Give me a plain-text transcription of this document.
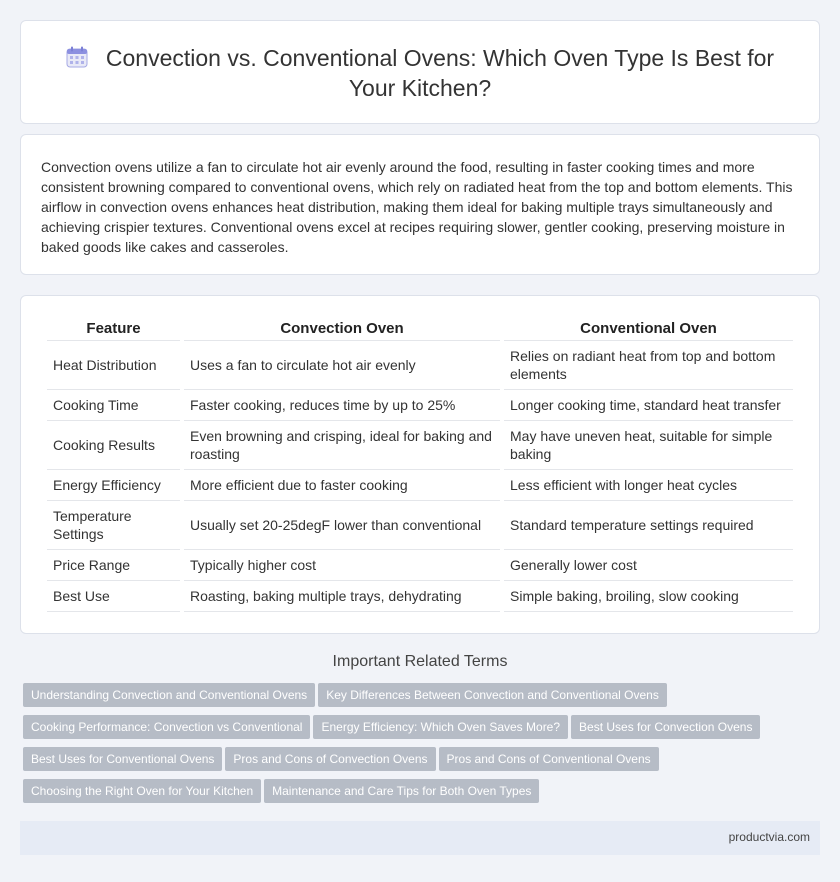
Convection vs. Conventional Ovens: Which Oven Type Is Best for Your Kitchen?

Convection ovens utilize a fan to circulate hot air evenly around the food, resulting in faster cooking times and more consistent browning compared to conventional ovens, which rely on radiated heat from the top and bottom elements. This airflow in convection ovens enhances heat distribution, making them ideal for baking multiple trays simultaneously and achieving crispier textures. Conventional ovens excel at recipes requiring slower, gentler cooking, preserving moisture in baked goods like cakes and casseroles.

Feature	Convection Oven	Conventional Oven
Heat Distribution	Uses a fan to circulate hot air evenly	Relies on radiant heat from top and bottom elements
Cooking Time	Faster cooking, reduces time by up to 25%	Longer cooking time, standard heat transfer
Cooking Results	Even browning and crisping, ideal for baking and roasting	May have uneven heat, suitable for simple baking
Energy Efficiency	More efficient due to faster cooking	Less efficient with longer heat cycles
Temperature Settings	Usually set 20-25degF lower than conventional	Standard temperature settings required
Price Range	Typically higher cost	Generally lower cost
Best Use	Roasting, baking multiple trays, dehydrating	Simple baking, broiling, slow cooking
Important Related Terms
Understanding Convection and Conventional Ovens Key Differences Between Convection and Conventional Ovens
Cooking Performance: Convection vs Conventional Energy Efficiency: Which Oven Saves More? Best Uses for Convection Ovens
Best Uses for Conventional Ovens Pros and Cons of Convection Ovens Pros and Cons of Conventional Ovens
Choosing the Right Oven for Your Kitchen Maintenance and Care Tips for Both Oven Types
productvia.com
